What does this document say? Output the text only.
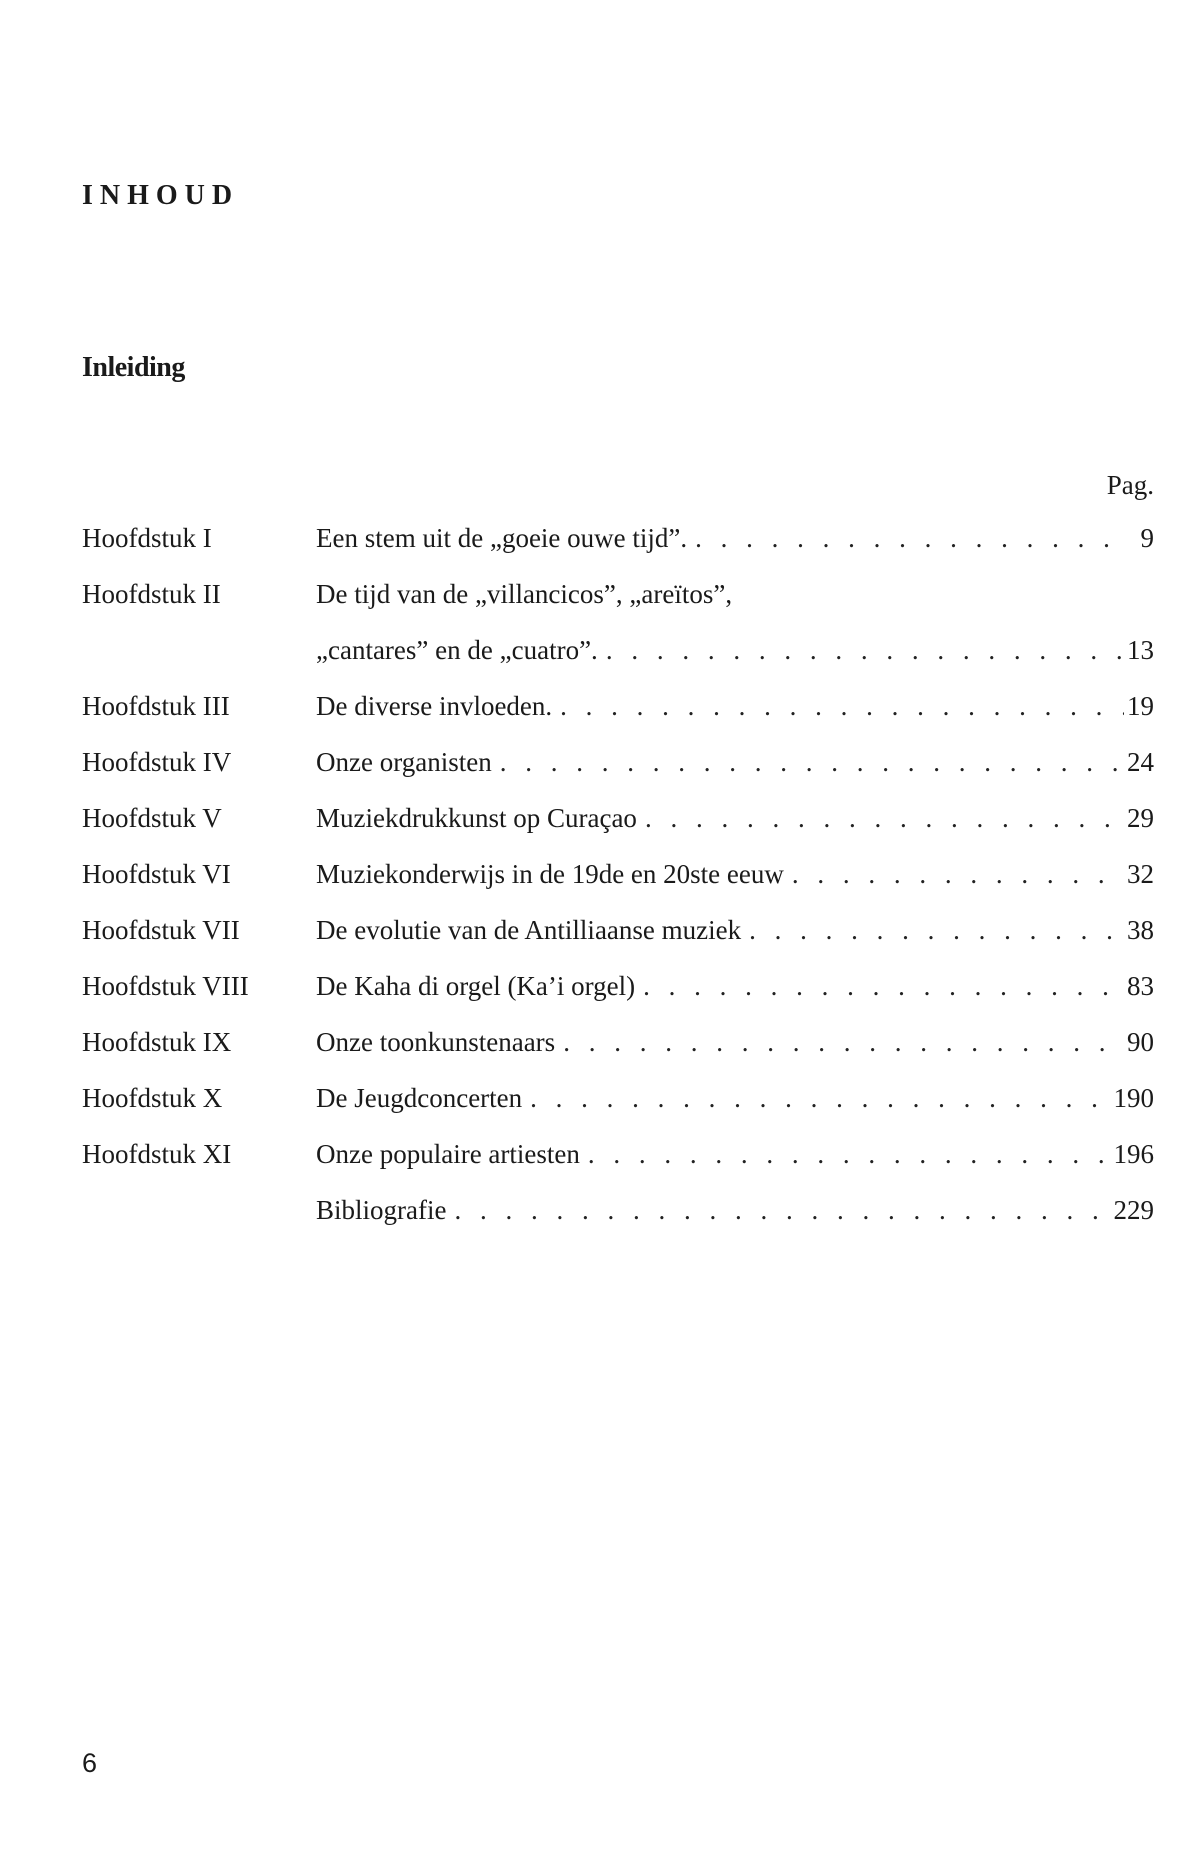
INHOUD
Inleiding
Pag.
Hoofdstuk I	Een stem uit de „goeie ouwe tijd”. . . .	9
Hoofdstuk II	De tijd van de „villancicos”, „areïtos”,
„cantares” en de „cuatro”. . . .	13
Hoofdstuk III	De diverse invloeden. . . .	19
Hoofdstuk IV	Onze organisten . . .	24
Hoofdstuk V	Muziekdrukkunst op Curaçao . . .	29
Hoofdstuk VI	Muziekonderwijs in de 19de en 20ste eeuw . . .	32
Hoofdstuk VII	De evolutie van de Antilliaanse muziek . . .	38
Hoofdstuk VIII	De Kaha di orgel (Ka’i orgel) . . .	83
Hoofdstuk IX	Onze toonkunstenaars . . .	90
Hoofdstuk X	De Jeugdconcerten . . .	190
Hoofdstuk XI	Onze populaire artiesten . . .	196
Bibliografie . . .	229
6
